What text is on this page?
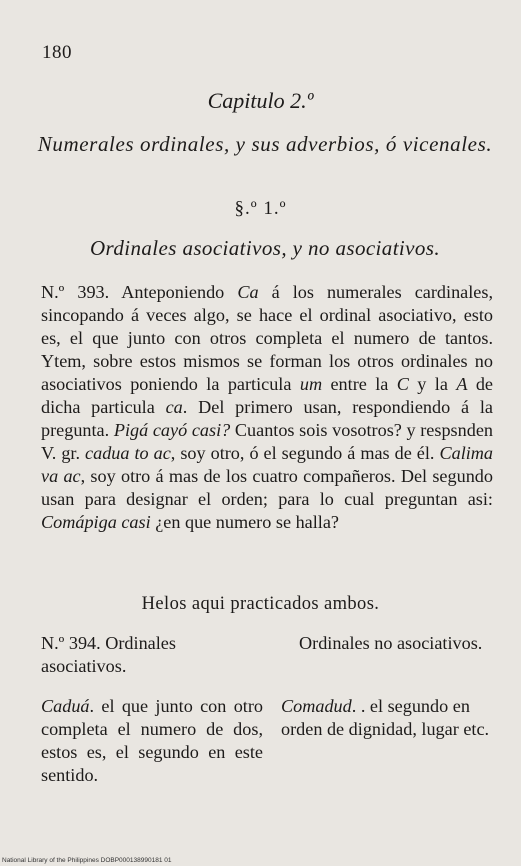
180
Capitulo 2.º
Numerales ordinales, y sus adverbios, ó vicenales.
§.º 1.º
Ordinales asociativos, y no asociativos.
N.º 393. Anteponiendo Ca á los numerales cardinales, sincopando á veces algo, se hace el ordinal asociativo, esto es, el que junto con otros completa el numero de tantos. Ytem, sobre estos mismos se forman los otros ordinales no asociativos poniendo la particula um entre la C y la A de dicha particula ca. Del primero usan, respondiendo á la pregunta. Pigá cayó casi? Cuantos sois vosotros? y respsnden V. gr. cadua to ac, soy otro, ó el segundo á mas de él. Calima va ac, soy otro á mas de los cuatro compañeros. Del segundo usan para designar el orden; para lo cual preguntan asi: Comápiga casi ¿en que numero se halla?
Helos aqui practicados ambos.
N.º 394. Ordinales asociativos.
Ordinales no asociativos.
Caduá. el que junto con otro completa el numero de dos, estos es, el segundo en este sentido.
Comadud. . el segundo en orden de dignidad, lugar etc.
National Library of the Philippines DOBP000138990181 01
